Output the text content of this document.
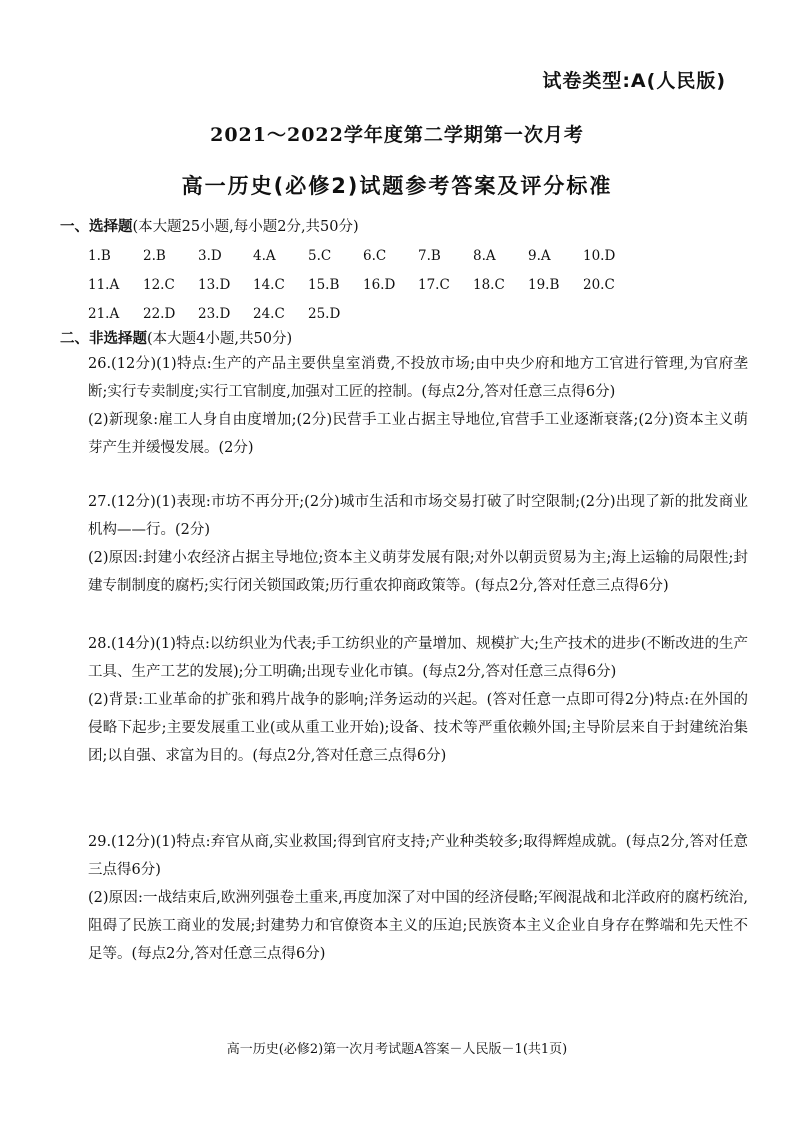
试卷类型:A(人民版)
2021～2022学年度第二学期第一次月考
高一历史(必修2)试题参考答案及评分标准
一、选择题(本大题25小题,每小题2分,共50分)
1.B 2.B 3.D 4.A 5.C 6.C 7.B 8.A 9.A 10.D
11.A 12.C 13.D 14.C 15.B 16.D 17.C 18.C 19.B 20.C
21.A 22.D 23.D 24.C 25.D
二、非选择题(本大题4小题,共50分)

26.(12分)(1)特点:生产的产品主要供皇室消费,不投放市场;由中央少府和地方工官进行管理,为官府垄断;实行专卖制度;实行工官制度,加强对工匠的控制。(每点2分,答对任意三点得6分)

(2)新现象:雇工人身自由度增加;(2分)民营手工业占据主导地位,官营手工业逐渐衰落;(2分)资本主义萌芽产生并缓慢发展。(2分)

27.(12分)(1)表现:市坊不再分开;(2分)城市生活和市场交易打破了时空限制;(2分)出现了新的批发商业机构——行。(2分)

(2)原因:封建小农经济占据主导地位;资本主义萌芽发展有限;对外以朝贡贸易为主;海上运输的局限性;封建专制制度的腐朽;实行闭关锁国政策;历行重农抑商政策等。(每点2分,答对任意三点得6分)

28.(14分)(1)特点:以纺织业为代表;手工纺织业的产量增加、规模扩大;生产技术的进步(不断改进的生产工具、生产工艺的发展);分工明确;出现专业化市镇。(每点2分,答对任意三点得6分)

(2)背景:工业革命的扩张和鸦片战争的影响;洋务运动的兴起。(答对任意一点即可得2分)特点:在外国的侵略下起步;主要发展重工业(或从重工业开始);设备、技术等严重依赖外国;主导阶层来自于封建统治集团;以自强、求富为目的。(每点2分,答对任意三点得6分)

29.(12分)(1)特点:弃官从商,实业救国;得到官府支持;产业种类较多;取得辉煌成就。(每点2分,答对任意三点得6分)

(2)原因:一战结束后,欧洲列强卷土重来,再度加深了对中国的经济侵略;军阀混战和北洋政府的腐朽统治,阻碍了民族工商业的发展;封建势力和官僚资本主义的压迫;民族资本主义企业自身存在弊端和先天性不足等。(每点2分,答对任意三点得6分)

高一历史(必修2)第一次月考试题A答案－人民版－1(共1页)
